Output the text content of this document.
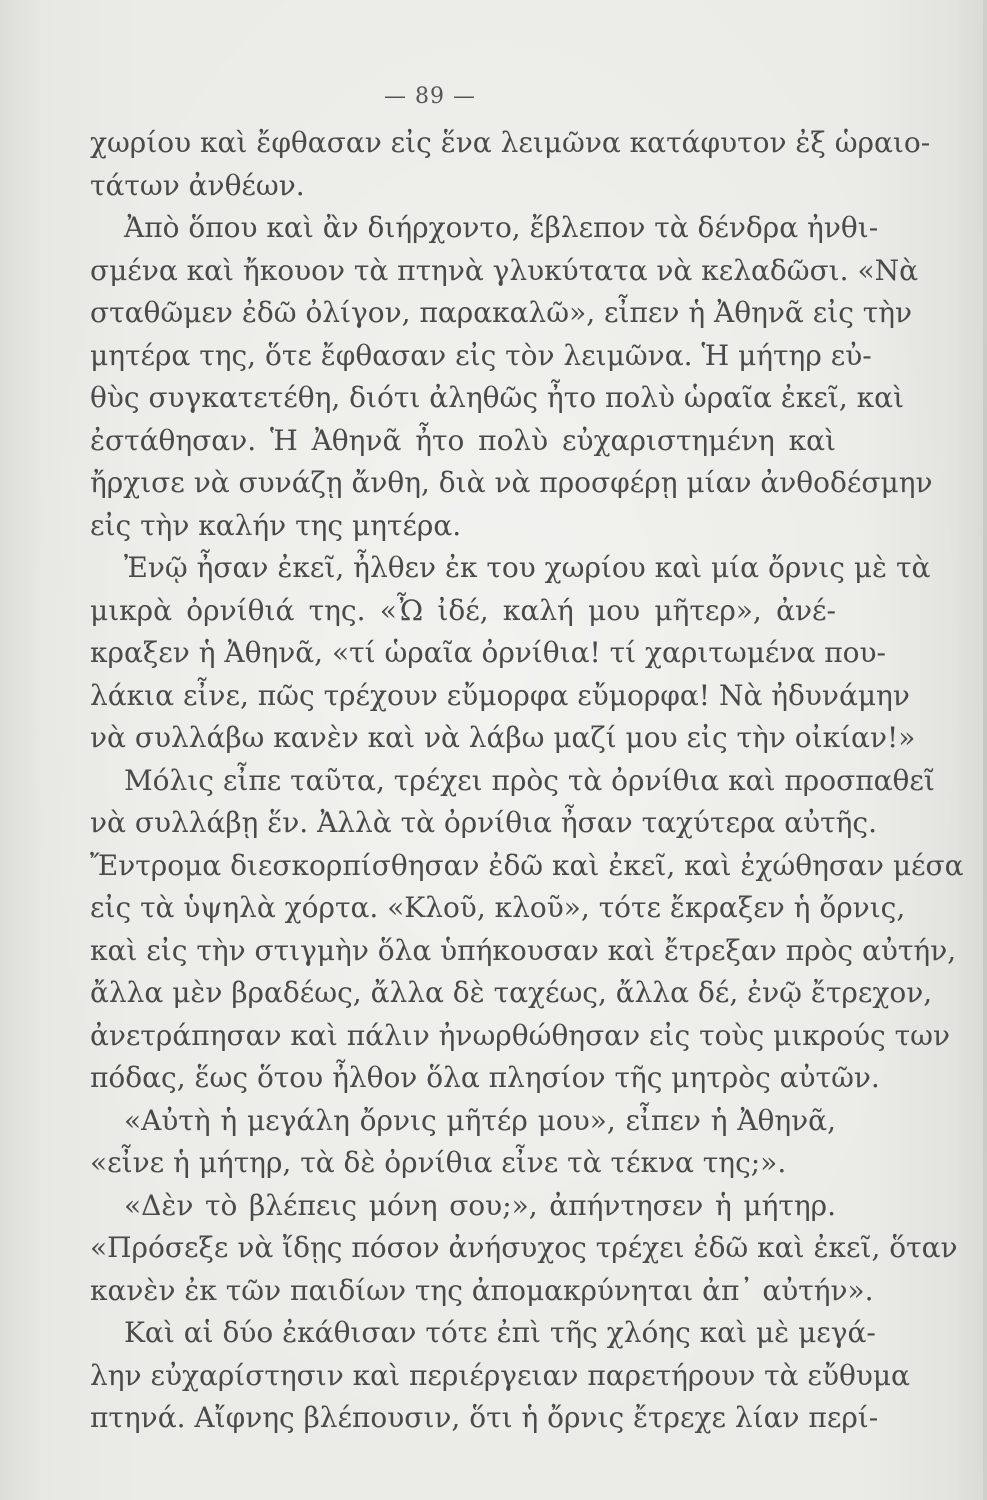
— 89 —
χωρίου καὶ ἔφθασαν εἰς ἕνα λειμῶνα κατάφυτον ἐξ ὡραιο-
τάτων ἀνθέων.
Ἀπὸ ὅπου καὶ ἂν διήρχοντο, ἔβλεπον τὰ δένδρα ἠνθι-
σμένα καὶ ἤκουον τὰ πτηνὰ γλυκύτατα νὰ κελαδῶσι. «Νὰ
σταθῶμεν ἐδῶ ὀλίγον, παρακαλῶ», εἶπεν ἡ Ἀθηνᾶ εἰς τὴν
μητέρα της, ὅτε ἔφθασαν εἰς τὸν λειμῶνα. Ἡ μήτηρ εὐ-
θὺς συγκατετέθη, διότι ἀληθῶς ἦτο πολὺ ὡραῖα ἐκεῖ, καὶ
ἐστάθησαν. Ἡ Ἀθηνᾶ ἦτο πολὺ εὐχαριστημένη καὶ
ἤρχισε νὰ συνάζῃ ἄνθη, διὰ νὰ προσφέρῃ μίαν ἀνθοδέσμην
εἰς τὴν καλήν της μητέρα.
Ἐνῷ ἦσαν ἐκεῖ, ἦλθεν ἐκ του χωρίου καὶ μία ὄρνις μὲ τὰ
μικρὰ ὀρνίθιά της. «Ὦ ἰδέ, καλή μου μῆτερ», ἀνέ-
κραξεν ἡ Ἀθηνᾶ, «τί ὡραῖα ὀρνίθια! τί χαριτωμένα που-
λάκια εἶνε, πῶς τρέχουν εὔμορφα εὔμορφα! Νὰ ἠδυνάμην
νὰ συλλάβω κανὲν καὶ νὰ λάβω μαζί μου εἰς τὴν οἰκίαν!»
Μόλις εἶπε ταῦτα, τρέχει πρὸς τὰ ὀρνίθια καὶ προσπαθεῖ
νὰ συλλάβῃ ἕν. Ἀλλὰ τὰ ὀρνίθια ἦσαν ταχύτερα αὐτῆς.
Ἔντρομα διεσκορπίσθησαν ἐδῶ καὶ ἐκεῖ, καὶ ἐχώθησαν μέσα
εἰς τὰ ὑψηλὰ χόρτα. «Κλοῦ, κλοῦ», τότε ἔκραξεν ἡ ὄρνις,
καὶ εἰς τὴν στιγμὴν ὅλα ὑπήκουσαν καὶ ἔτρεξαν πρὸς αὐτήν,
ἄλλα μὲν βραδέως, ἄλλα δὲ ταχέως, ἄλλα δέ, ἐνῷ ἔτρεχον,
ἀνετράπησαν καὶ πάλιν ἠνωρθώθησαν εἰς τοὺς μικρούς των
πόδας, ἕως ὅτου ἦλθον ὅλα πλησίον τῆς μητρὸς αὐτῶν.
«Αὐτὴ ἡ μεγάλη ὄρνις μῆτέρ μου», εἶπεν ἡ Ἀθηνᾶ,
«εἶνε ἡ μήτηρ, τὰ δὲ ὀρνίθια εἶνε τὰ τέκνα της;».
«Δὲν τὸ βλέπεις μόνη σου;», ἀπήντησεν ἡ μήτηρ.
«Πρόσεξε νὰ ἴδῃς πόσον ἀνήσυχος τρέχει ἐδῶ καὶ ἐκεῖ, ὅταν
κανὲν ἐκ τῶν παιδίων της ἀπομακρύνηται ἀπ᾽ αὐτήν».
Καὶ αἱ δύο ἐκάθισαν τότε ἐπὶ τῆς χλόης καὶ μὲ μεγά-
λην εὐχαρίστησιν καὶ περιέργειαν παρετήρουν τὰ εὔθυμα
πτηνά. Αἴφνης βλέπουσιν, ὅτι ἡ ὄρνις ἔτρεχε λίαν περί-
